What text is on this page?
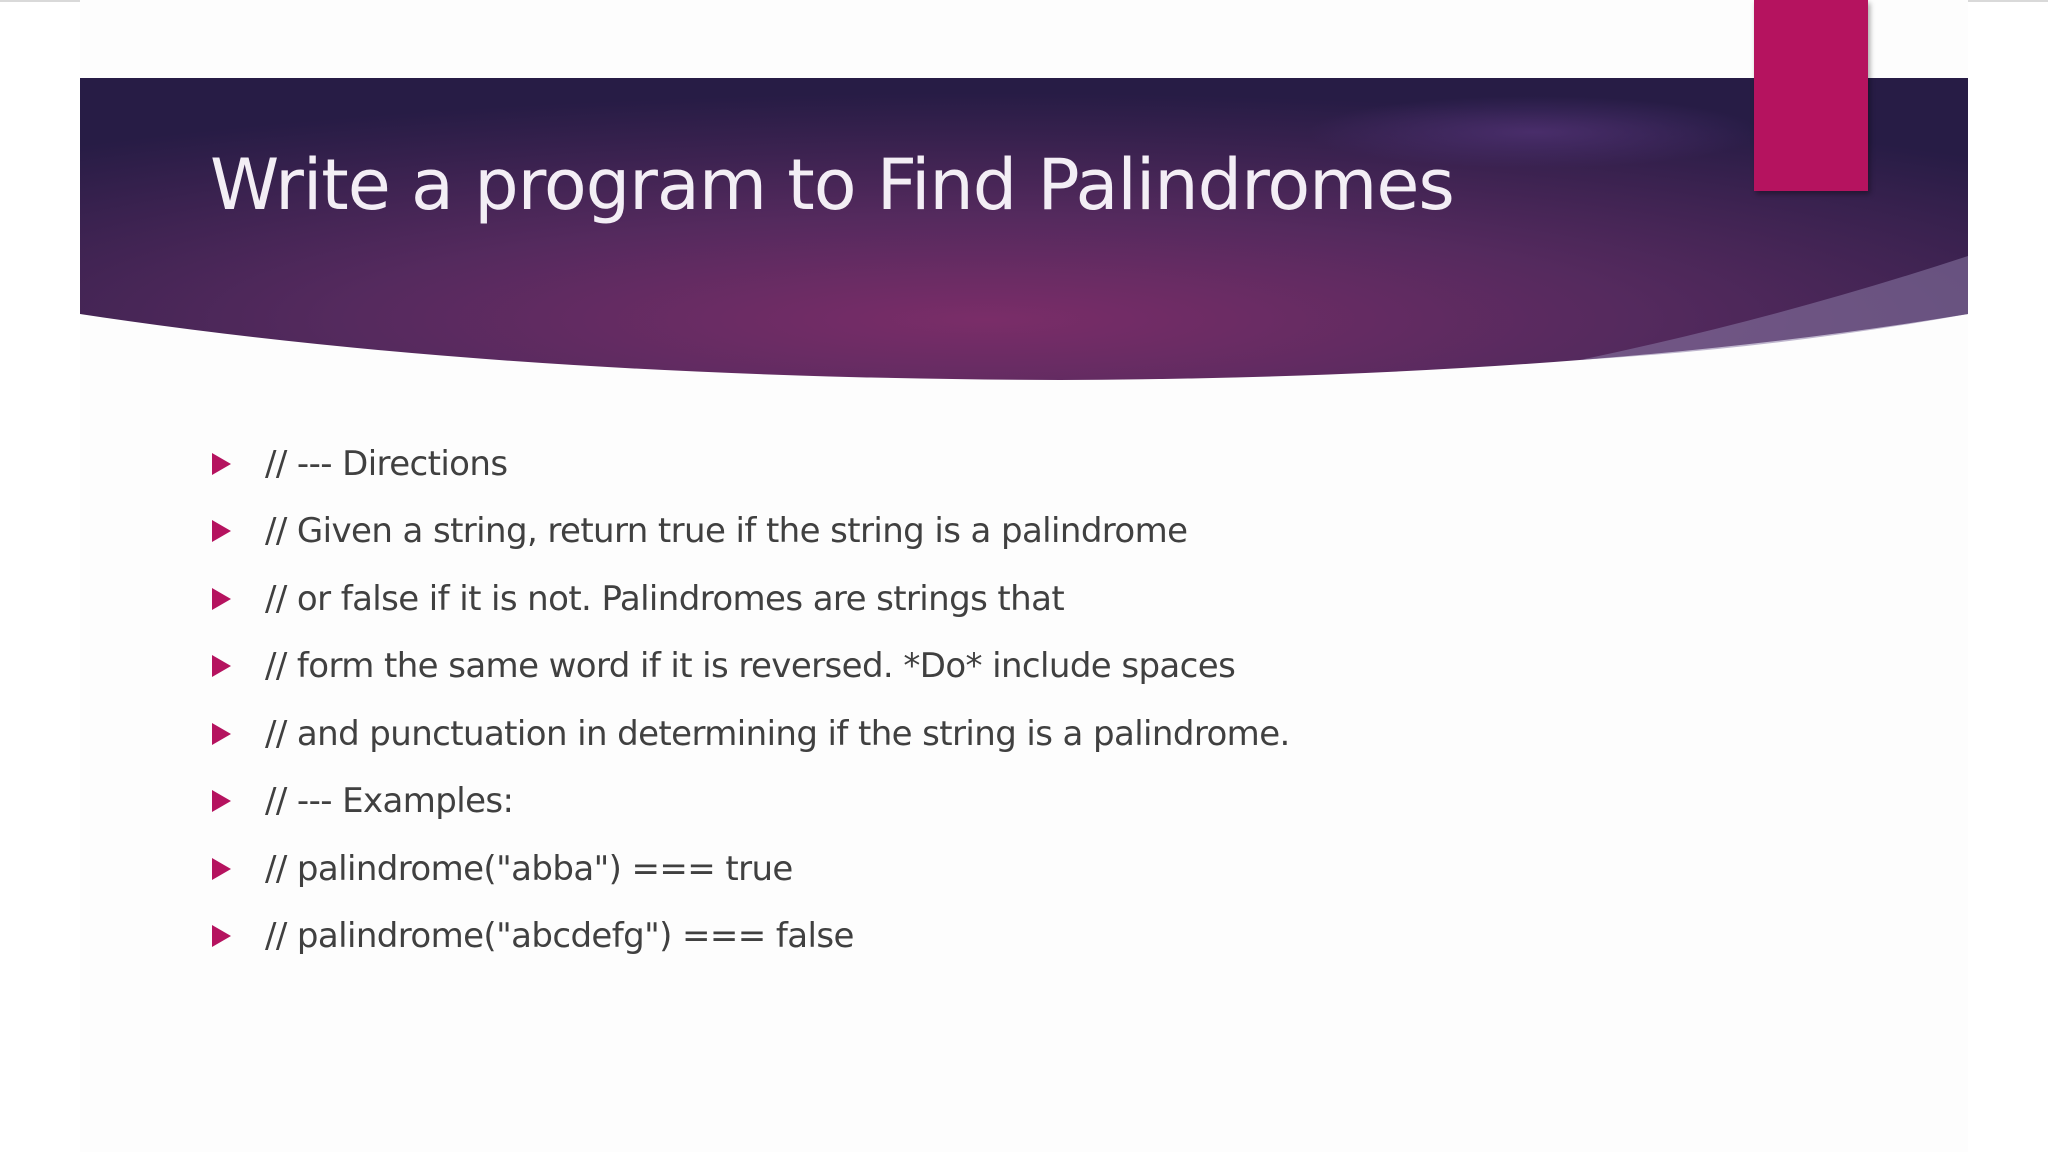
Write a program to Find Palindromes
// --- Directions
// Given a string, return true if the string is a palindrome
// or false if it is not. Palindromes are strings that
// form the same word if it is reversed. *Do* include spaces
// and punctuation in determining if the string is a palindrome.
// --- Examples:
// palindrome("abba") === true
// palindrome("abcdefg") === false
